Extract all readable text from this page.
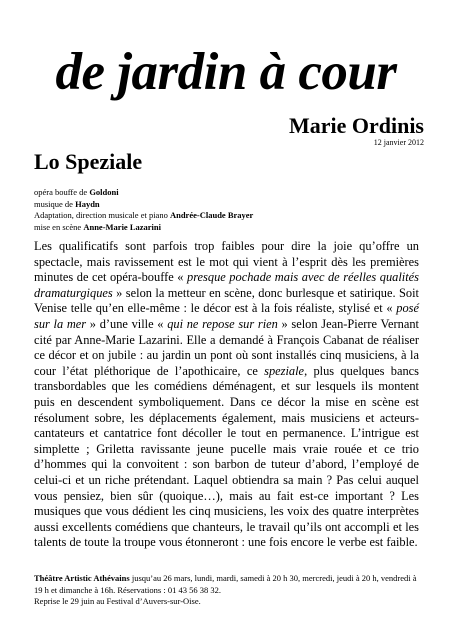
de jardin à cour
Marie Ordinis
12 janvier 2012
Lo Speziale
opéra bouffe de Goldoni
musique de Haydn
Adaptation, direction musicale et piano Andrée-Claude Brayer
mise en scène Anne-Marie Lazarini
Les qualificatifs sont parfois trop faibles pour dire la joie qu’offre un spectacle, mais ravissement est le mot qui vient à l’esprit dès les premières minutes de cet opéra-bouffe « presque pochade mais avec de réelles qualités dramaturgiques » selon la metteur en scène, donc burlesque et satirique. Soit Venise telle qu’en elle-même : le décor est à la fois réaliste, stylisé et « posé sur la mer » d’une ville « qui ne repose sur rien » selon Jean-Pierre Vernant cité par Anne-Marie Lazarini. Elle a demandé à François Cabanat de réaliser ce décor et on jubile : au jardin un pont où sont installés cinq musiciens, à la cour l’état pléthorique de l’apothicaire, ce speziale, plus quelques bancs transbordables que les comédiens déménagent, et sur lesquels ils montent puis en descendent symboliquement. Dans ce décor la mise en scène est résolument sobre, les déplacements également, mais musiciens et acteurs-cantateurs et cantatrice font décoller le tout en permanence. L’intrigue est simplette ; Griletta ravissante jeune pucelle mais vraie rouée et ce trio d’hommes qui la convoitent : son barbon de tuteur d’abord, l’employé de celui-ci et un riche prétendant. Laquel obtiendra sa main ? Pas celui auquel vous pensiez, bien sûr (quoique…), mais au fait est-ce important ? Les musiques que vous dédient les cinq musiciens, les voix des quatre interprètes aussi excellents comédiens que chanteurs, le travail qu’ils ont accompli et les talents de toute la troupe vous étonneront : une fois encore le verbe est faible.
Théâtre Artistic Athévains jusqu’au 26 mars, lundi, mardi, samedi à 20 h 30, mercredi, jeudi à 20 h, vendredi à 19 h et dimanche à 16h. Réservations : 01 43 56 38 32.
Reprise le 29 juin au Festival d’Auvers-sur-Oise.
